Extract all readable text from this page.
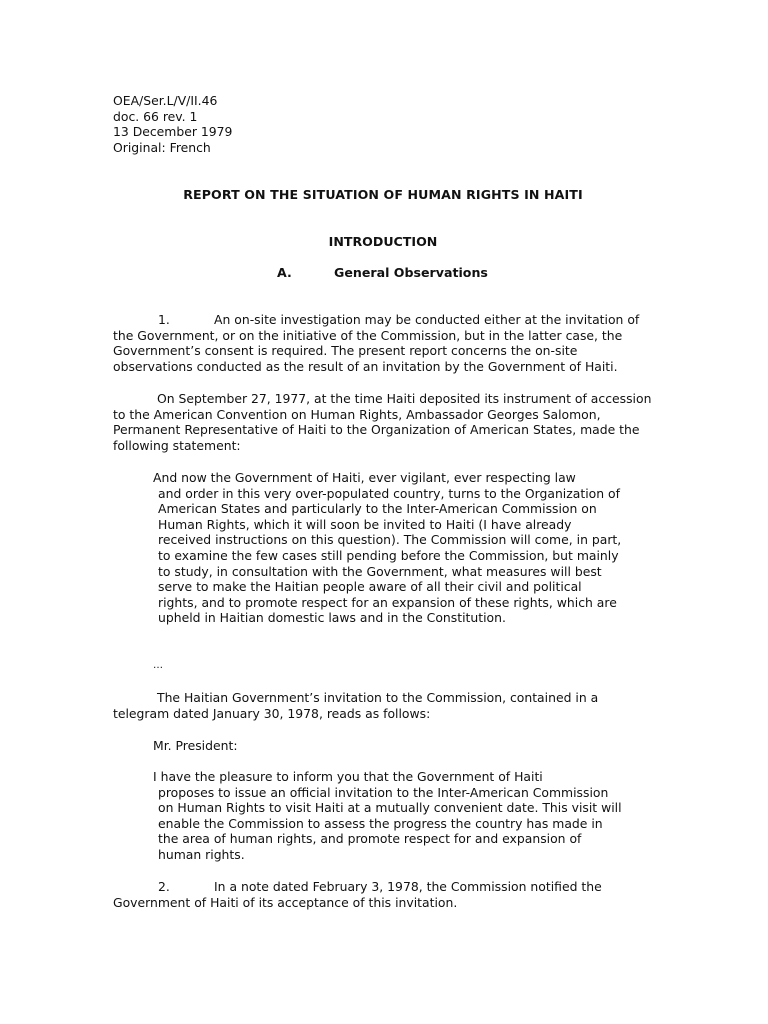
OEA/Ser.L/V/II.46
doc. 66 rev. 1
13 December 1979
Original: French
REPORT ON THE SITUATION OF HUMAN RIGHTS IN HAITI
INTRODUCTION
A.	General Observations
1.	An on-site investigation may be conducted either at the invitation of
the Government, or on the initiative of the Commission, but in the latter case, the Government’s consent is required. The present report concerns the on-site observations conducted as the result of an invitation by the Government of Haiti.
On September 27, 1977, at the time Haiti deposited its instrument of accession to the American Convention on Human Rights, Ambassador Georges Salomon, Permanent Representative of Haiti to the Organization of American States, made the following statement:
And now the Government of Haiti, ever vigilant, ever respecting law
and order in this very over-populated country, turns to the Organization of American States and particularly to the Inter-American Commission on Human Rights, which it will soon be invited to Haiti (I have already received instructions on this question). The Commission will come, in part, to examine the few cases still pending before the Commission, but mainly to study, in consultation with the Government, what measures will best serve to make the Haitian people aware of all their civil and political rights, and to promote respect for an expansion of these rights, which are upheld in Haitian domestic laws and in the Constitution.
…
The Haitian Government’s invitation to the Commission, contained in a telegram dated January 30, 1978, reads as follows:
Mr. President:
I have the pleasure to inform you that the Government of Haiti
proposes to issue an official invitation to the Inter-American Commission on Human Rights to visit Haiti at a mutually convenient date. This visit will enable the Commission to assess the progress the country has made in the area of human rights, and promote respect for and expansion of human rights.
2.	In a note dated February 3, 1978, the Commission notified the
Government of Haiti of its acceptance of this invitation.
